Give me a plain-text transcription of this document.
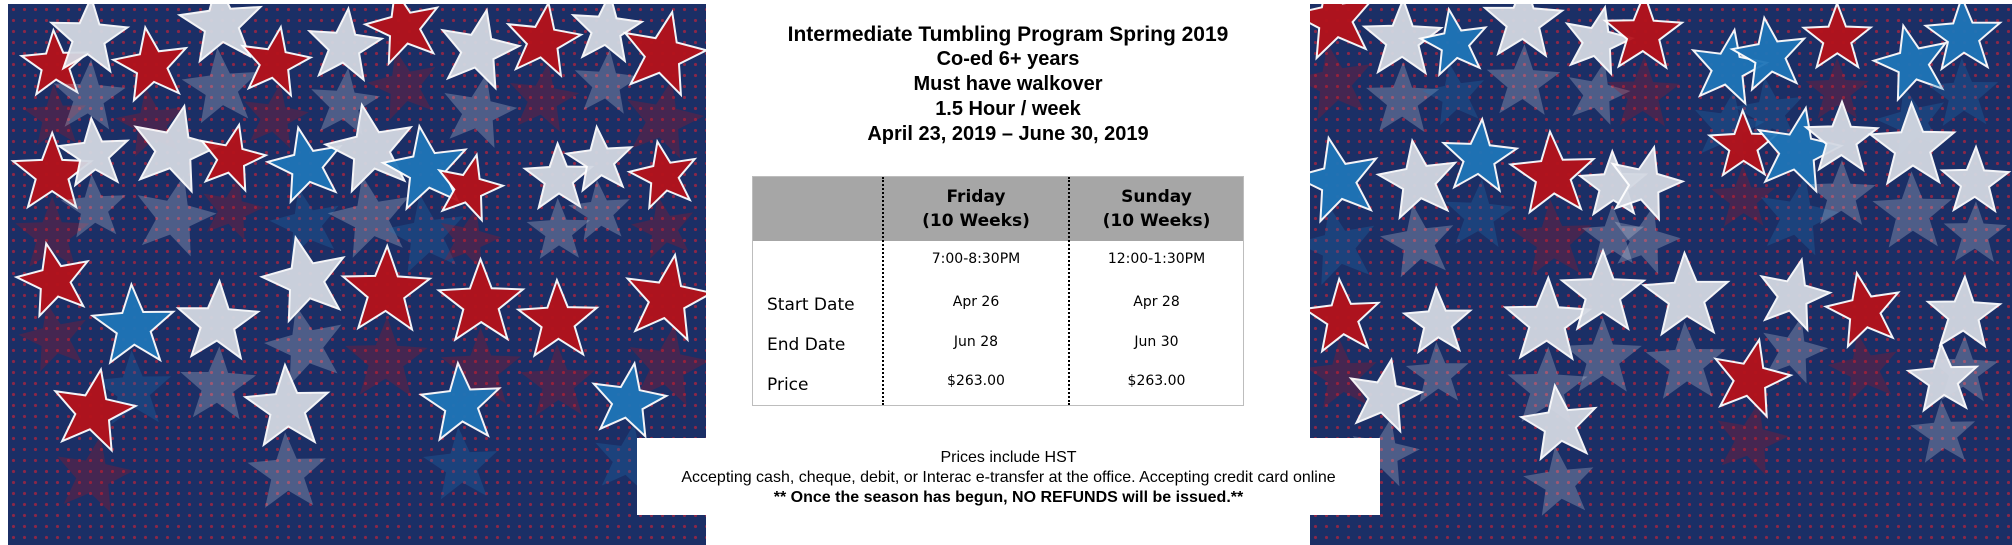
Intermediate Tumbling Program Spring 2019
Co-ed 6+ years
Must have walkover
1.5 Hour / week
April 23, 2019 – June 30, 2019
Friday
(10 Weeks)
7:00-8:30PM
Apr 26
Jun 28
$263.00
Sunday
(10 Weeks)
12:00-1:30PM
Apr 28
Jun 30
$263.00
Start Date
End Date
Price
Prices include HST
Accepting cash, cheque, debit, or Interac e-transfer at the office. Accepting credit card online
** Once the season has begun, NO REFUNDS will be issued.**
